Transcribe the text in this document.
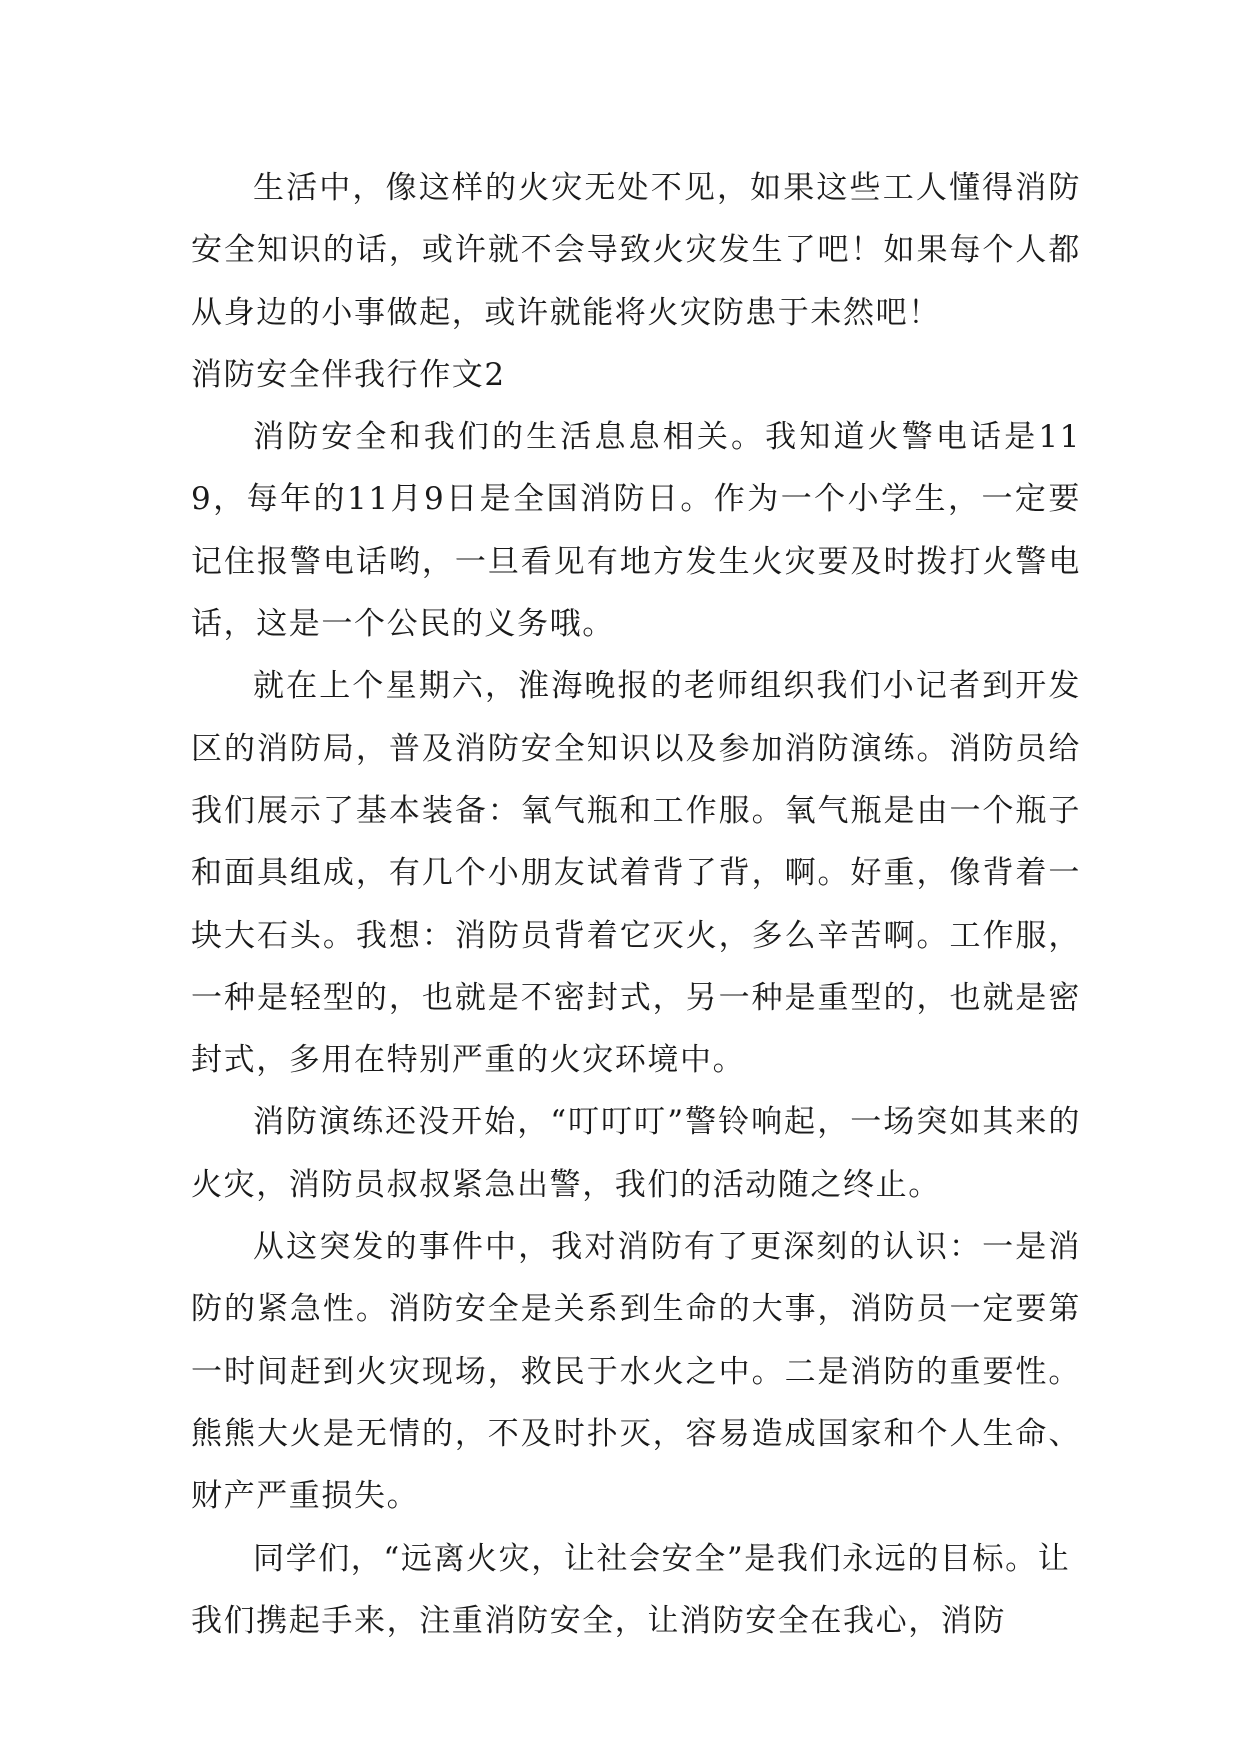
生活中，像这样的火灾无处不见，如果这些工人懂得消防安全知识的话，或许就不会导致火灾发生了吧！如果每个人都从身边的小事做起，或许就能将火灾防患于未然吧！

消防安全伴我行作文2

消防安全和我们的生活息息相关。我知道火警电话是119，每年的11月9日是全国消防日。作为一个小学生，一定要记住报警电话哟，一旦看见有地方发生火灾要及时拨打火警电话，这是一个公民的义务哦。

就在上个星期六，淮海晚报的老师组织我们小记者到开发区的消防局，普及消防安全知识以及参加消防演练。消防员给我们展示了基本装备：氧气瓶和工作服。氧气瓶是由一个瓶子和面具组成，有几个小朋友试着背了背，啊。好重，像背着一块大石头。我想：消防员背着它灭火，多么辛苦啊。工作服，一种是轻型的，也就是不密封式，另一种是重型的，也就是密封式，多用在特别严重的火灾环境中。

消防演练还没开始，“叮叮叮”警铃响起，一场突如其来的火灾，消防员叔叔紧急出警，我们的活动随之终止。

从这突发的事件中，我对消防有了更深刻的认识：一是消防的紧急性。消防安全是关系到生命的大事，消防员一定要第一时间赶到火灾现场，救民于水火之中。二是消防的重要性。熊熊大火是无情的，不及时扑灭，容易造成国家和个人生命、财产严重损失。

同学们，“远离火灾，让社会安全”是我们永远的目标。让我们携起手来，注重消防安全，让消防安全在我心，消防
